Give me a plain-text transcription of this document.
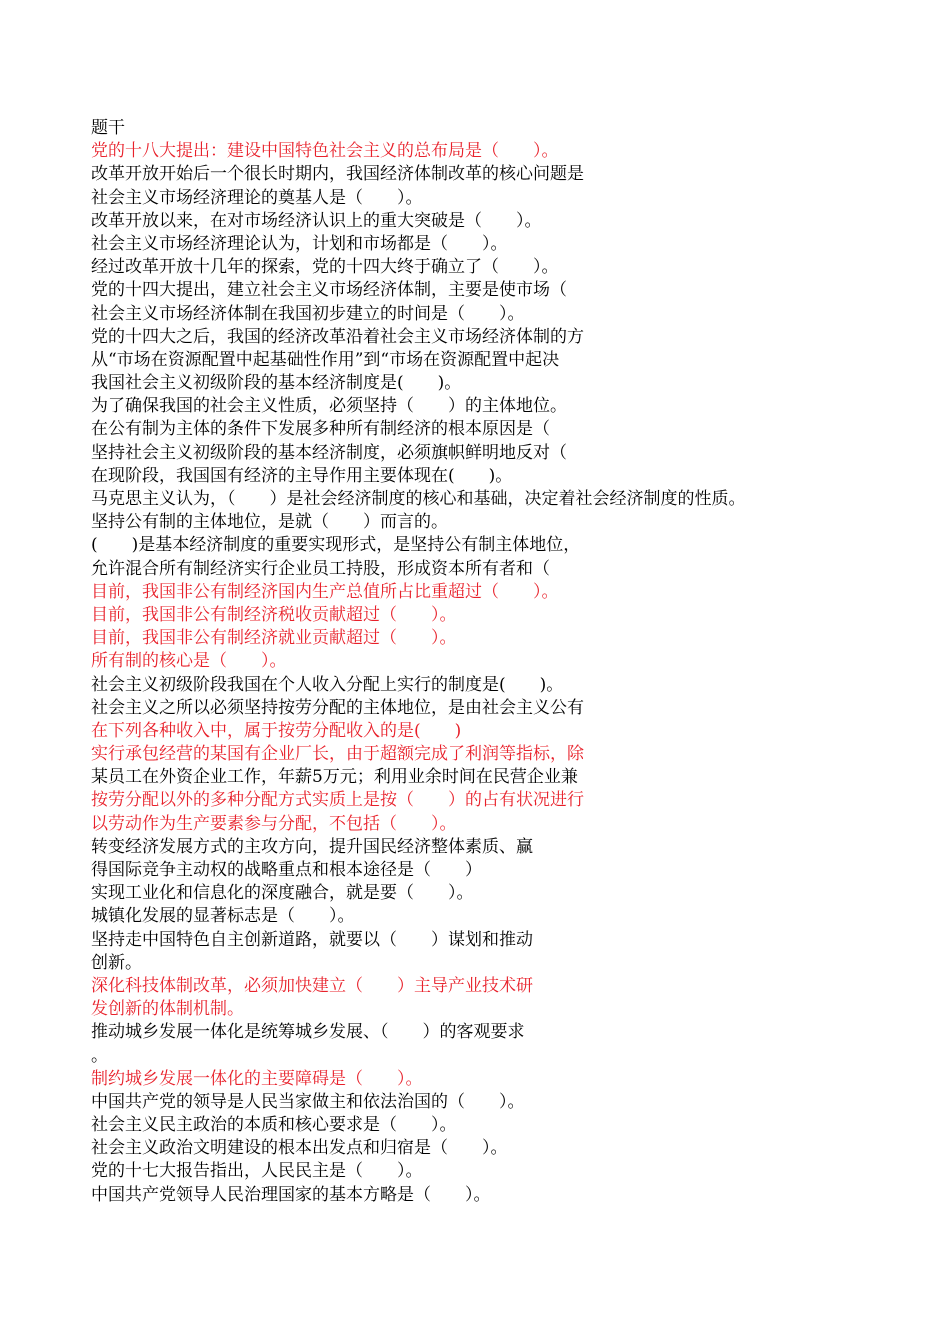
题干
党的十八大提出：建设中国特色社会主义的总布局是（　　）。
改革开放开始后一个很长时期内，我国经济体制改革的核心问题是
社会主义市场经济理论的奠基人是（　　）。
改革开放以来，在对市场经济认识上的重大突破是（　　）。
社会主义市场经济理论认为，计划和市场都是（　　）。
经过改革开放十几年的探索，党的十四大终于确立了（　　）。
党的十四大提出，建立社会主义市场经济体制，主要是使市场（
社会主义市场经济体制在我国初步建立的时间是（　　）。
党的十四大之后，我国的经济改革沿着社会主义市场经济体制的方
从“市场在资源配置中起基础性作用”到“市场在资源配置中起决
我国社会主义初级阶段的基本经济制度是(　　)。
为了确保我国的社会主义性质，必须坚持（　　）的主体地位。
在公有制为主体的条件下发展多种所有制经济的根本原因是（
坚持社会主义初级阶段的基本经济制度，必须旗帜鲜明地反对（
在现阶段，我国国有经济的主导作用主要体现在(　　)。
马克思主义认为，（　　）是社会经济制度的核心和基础，决定着社会经济制度的性质。
坚持公有制的主体地位，是就（　　）而言的。
(　　)是基本经济制度的重要实现形式，是坚持公有制主体地位，
允许混合所有制经济实行企业员工持股，形成资本所有者和（
目前，我国非公有制经济国内生产总值所占比重超过（　　）。
目前，我国非公有制经济税收贡献超过（　　）。
目前，我国非公有制经济就业贡献超过（　　）。
所有制的核心是（　　）。
社会主义初级阶段我国在个人收入分配上实行的制度是(　　)。
社会主义之所以必须坚持按劳分配的主体地位，是由社会主义公有
在下列各种收入中，属于按劳分配收入的是(　　)
实行承包经营的某国有企业厂长，由于超额完成了利润等指标，除
某员工在外资企业工作，年薪5万元；利用业余时间在民营企业兼
按劳分配以外的多种分配方式实质上是按（　　）的占有状况进行
以劳动作为生产要素参与分配，不包括（　　）。
转变经济发展方式的主攻方向，提升国民经济整体素质、赢
得国际竞争主动权的战略重点和根本途径是（　　）
实现工业化和信息化的深度融合，就是要（　　）。
城镇化发展的显著标志是（　　）。
坚持走中国特色自主创新道路，就要以（　　）谋划和推动
创新。
深化科技体制改革，必须加快建立（　　）主导产业技术研
发创新的体制机制。
推动城乡发展一体化是统筹城乡发展、（　　）的客观要求
。
制约城乡发展一体化的主要障碍是（　　）。
中国共产党的领导是人民当家做主和依法治国的（　　）。
社会主义民主政治的本质和核心要求是（　　）。
社会主义政治文明建设的根本出发点和归宿是（　　）。
党的十七大报告指出，人民民主是（　　）。
中国共产党领导人民治理国家的基本方略是（　　）。
